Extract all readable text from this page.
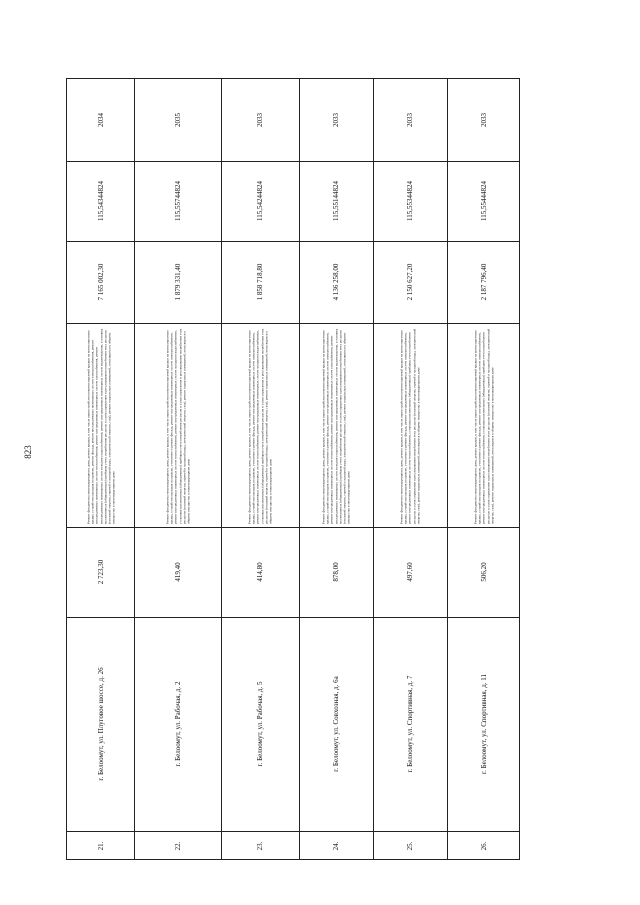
823
2034
115,54344824
7 165 002,30
Ремонт фундамента многоквартирного дома, ремонт крыши, в том числе переустройство невентилируемой крыши на вентилируемую крышу, устройство выходов на кровлю, ремонт фасада, ремонт внутридомовых инженерных систем электроснабжения, ремонт внутридомовых инженерных систем теплоснабжения, ремонт внутридомовых инженерных систем газоснабжения, ремонт внутридомовых инженерных систем холодного водоснабжения, ремонт внутридомовых инженерных систем водоотведения, установка коллективных (общедомовых) приборов учета потребления ресурсов и узлов управления и регулирования потребления этих ресурсов (тепловой энергии, горячей и холодной воды, электрической энергии, газа), ремонт подвальных помещений, относящихся к общему имуществу в многоквартирном доме
2 723,30
г. Белоомут, ул. Плуговое шоссе, д. 26
21.
2035
115,55744824
1 879 331,40
Ремонт фундамента многоквартирного дома, ремонт крыши, в том числе переустройство невентилируемой крыши на вентилируемую крышу, устройство выходов на кровлю, утепление и ремонт фасада, ремонт внутридомовых инженерных систем электроснабжения, ремонт внутридомовых инженерных систем теплоснабжения, ремонт внутридомовых инженерных систем холодного водоснабжения, установка коллективных (общедомовых) приборов учета потребления ресурсов и узлов управления и регулирования потребления этих ресурсов (тепловой энергии, горячей и холодной воды, электрической энергии, газа), ремонт подвальных помещений, относящихся к общему имуществу в многоквартирном доме
419,40
г. Белоомут, ул. Рабочая, д. 2
22.
2033
115,54244824
1 858 718,80
Ремонт фундамента многоквартирного дома, ремонт крыши, в том числе переустройство невентилируемой крыши на вентилируемую крышу, устройство выходов на кровлю, утепление и ремонт фасада, ремонт внутридомовых инженерных систем электроснабжения, ремонт внутридомовых инженерных систем теплоснабжения, ремонт внутридомовых инженерных систем холодного водоснабжения, установка коллективных (общедомовых) приборов учета потребления ресурсов и узлов управления и регулирования потребления этих ресурсов (тепловой энергии, горячей и холодной воды, электрической энергии, газа), ремонт подвальных помещений, относящихся к общему имуществу в многоквартирном доме
414,80
г. Белоомут, ул. Рабочая, д. 5
23.
2033
115,55144824
4 136 258,00
Ремонт фундамента многоквартирного дома, ремонт крыши, в том числе переустройство невентилируемой крыши на вентилируемую крышу, устройство выходов на кровлю, утепление и ремонт фасада, ремонт внутридомовых инженерных систем электроснабжения, ремонт внутридомовых инженерных систем теплоснабжения, ремонт внутридомовых инженерных систем газоснабжения, ремонт внутридомовых инженерных систем холодного водоснабжения, ремонт внутридомовых инженерных систем водоотведения, установка коллективных (общедомовых) приборов учета потребления ресурсов и узлов управления и регулирования потребления этих ресурсов (тепловой энергии, горячей и холодной воды, электрической энергии, газа), ремонт подвальных помещений, относящихся к общему имуществу в многоквартирном доме
878,00
г. Белоомут, ул. Совхозная, д. 6а
24.
2033
115,55344824
2 150 627,20
Ремонт фундамента многоквартирного дома, ремонт крыши, в том числе переустройство невентилируемой крыши на вентилируемую крышу, устройство выходов на кровлю, утепление и ремонт фасада, ремонт внутридомовых инженерных систем электроснабжения, ремонт внутридомовых инженерных систем теплоснабжения, установка коллективных (общедомовых) приборов учета потребления ресурсов и узлов управления и регулирования потребления этих ресурсов (тепловой энергии, горячей и холодной воды, электрической энергии, газа), ремонт подвальных помещений, относящихся к общему имуществу в многоквартирном доме
497,60
г. Белоомут, ул. Спортивная, д. 7
25.
2033
115,55444824
2 187 796,40
Ремонт фундамента многоквартирного дома, ремонт крыши, в том числе переустройство невентилируемой крыши на вентилируемую крышу, устройство выходов на кровлю, утепление и ремонт фасада, ремонт внутридомовых инженерных систем электроснабжения, ремонт внутридомовых инженерных систем теплоснабжения, установка коллективных (общедомовых) приборов учета потребления ресурсов и узлов управления и регулирования потребления этих ресурсов (тепловой энергии, горячей и холодной воды, электрической энергии, газа), ремонт подвальных помещений, относящихся к общему имуществу в многоквартирном доме
506,20
г. Белоомут, ул. Спортивная, д. 11
26.
